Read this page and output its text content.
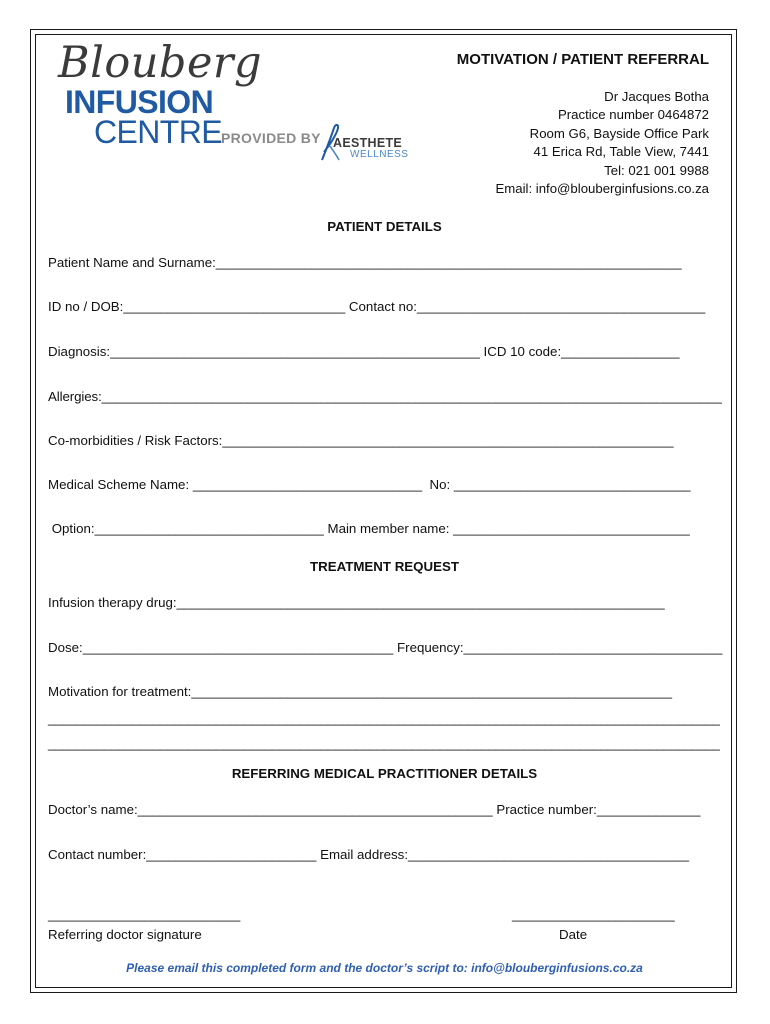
Blouberg
INFUSION
CENTRE PROVIDED BY AESTHETE
WELLNESS
MOTIVATION / PATIENT REFERRAL
Dr Jacques Botha
Practice number 0464872
Room G6, Bayside Office Park
41 Erica Rd, Table View, 7441
Tel: 021 001 9988
Email: info@blouberginfusions.co.za
PATIENT DETAILS
Patient Name and Surname:_______________________________________________________________
ID no / DOB:______________________________ Contact no:_______________________________________
Diagnosis:__________________________________________________ ICD 10 code:________________
Allergies:_____________________________________________________________________________________
Co-morbidities / Risk Factors:_____________________________________________________________
Medical Scheme Name: _______________________________  No: ________________________________
Option:_______________________________ Main member name: ________________________________
TREATMENT REQUEST
Infusion therapy drug:__________________________________________________________________
Dose:__________________________________________ Frequency:___________________________________
Motivation for treatment:_________________________________________________________________
________________________________________________________________________________________________
________________________________________________________________________________________________
REFERRING MEDICAL PRACTITIONER DETAILS
Doctor’s name:________________________________________________ Practice number:______________
Contact number:_______________________ Email address:______________________________________
__________________________
Referring doctor signature
______________________
Date
Please email this completed form and the doctor’s script to: info@blouberginfusions.co.za
